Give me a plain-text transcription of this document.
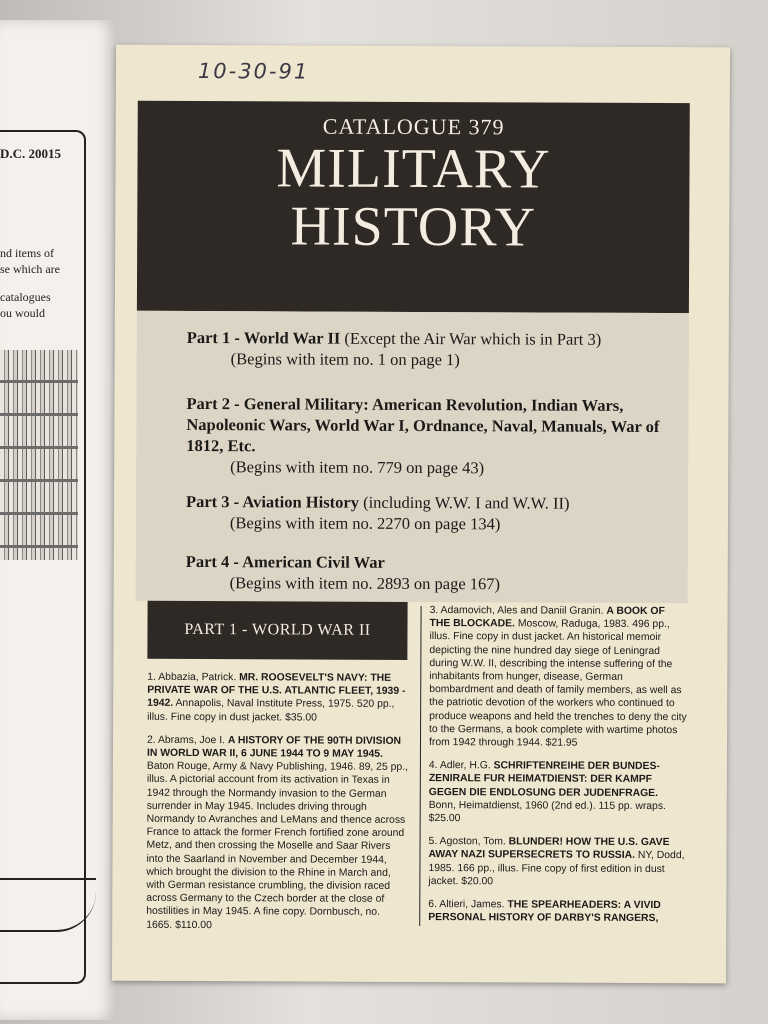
D.C. 20015
nd items of
se which are
catalogues
ou would
10-30-91
CATALOGUE 379
MILITARY
HISTORY
Part 1 - World War II (Except the Air War which is in Part 3)
(Begins with item no. 1 on page 1)
Part 2 - General Military: American Revolution, Indian Wars, Napoleonic Wars, World War I, Ordnance, Naval, Manuals, War of 1812, Etc.
(Begins with item no. 779 on page 43)
Part 3 - Aviation History (including W.W. I and W.W. II)
(Begins with item no. 2270 on page 134)
Part 4 - American Civil War
(Begins with item no. 2893 on page 167)
PART 1 - WORLD WAR II
1. Abbazia, Patrick. MR. ROOSEVELT'S NAVY: THE PRIVATE WAR OF THE U.S. ATLANTIC FLEET, 1939 - 1942. Annapolis, Naval Institute Press, 1975. 520 pp., illus. Fine copy in dust jacket. $35.00
2. Abrams, Joe I. A HISTORY OF THE 90TH DIVISION IN WORLD WAR II, 6 JUNE 1944 TO 9 MAY 1945. Baton Rouge, Army & Navy Publishing, 1946. 89, 25 pp., illus. A pictorial account from its activation in Texas in 1942 through the Normandy invasion to the German surrender in May 1945. Includes driving through Normandy to Avranches and LeMans and thence across France to attack the former French fortified zone around Metz, and then crossing the Moselle and Saar Rivers into the Saarland in November and December 1944, which brought the division to the Rhine in March and, with German resistance crumbling, the division raced across Germany to the Czech border at the close of hostilities in May 1945. A fine copy. Dornbusch, no. 1665. $110.00
3. Adamovich, Ales and Daniil Granin. A BOOK OF THE BLOCKADE. Moscow, Raduga, 1983. 496 pp., illus. Fine copy in dust jacket. An historical memoir depicting the nine hundred day siege of Leningrad during W.W. II, describing the intense suffering of the inhabitants from hunger, disease, German bombardment and death of family members, as well as the patriotic devotion of the workers who continued to produce weapons and held the trenches to deny the city to the Germans, a book complete with wartime photos from 1942 through 1944. $21.95
4. Adler, H.G. SCHRIFTENREIHE DER BUNDES-ZENIRALE FUR HEIMATDIENST: DER KAMPF GEGEN DIE ENDLOSUNG DER JUDENFRAGE. Bonn, Heimatdienst, 1960 (2nd ed.). 115 pp. wraps. $25.00
5. Agoston, Tom. BLUNDER! HOW THE U.S. GAVE AWAY NAZI SUPERSECRETS TO RUSSIA. NY, Dodd, 1985. 166 pp., illus. Fine copy of first edition in dust jacket. $20.00
6. Altieri, James. THE SPEARHEADERS: A VIVID PERSONAL HISTORY OF DARBY'S RANGERS,
